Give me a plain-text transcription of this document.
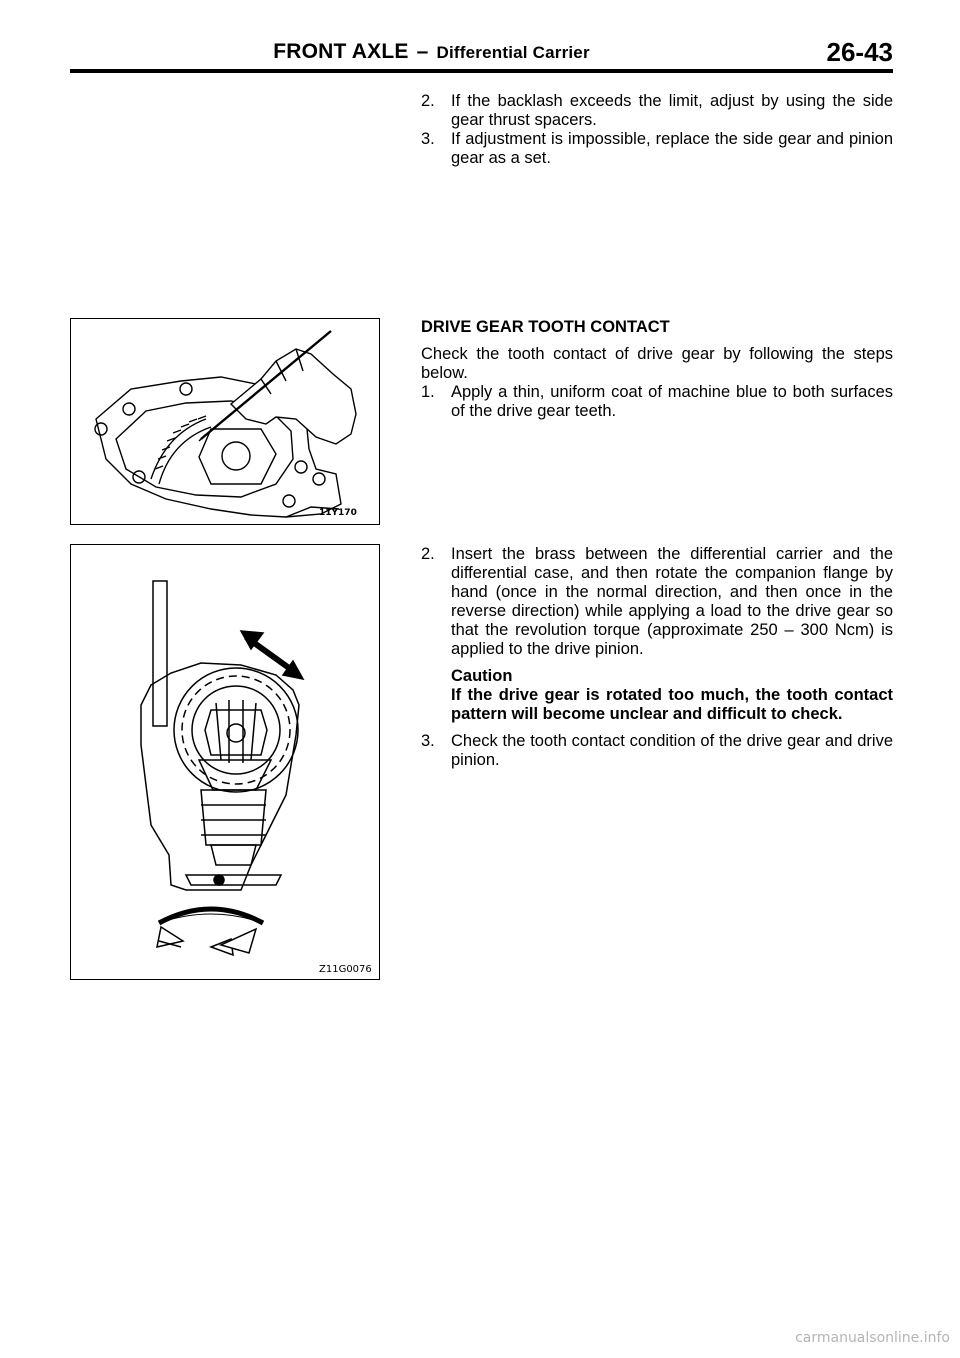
FRONT AXLE – Differential Carrier	26-43

2. If the backlash exceeds the limit, adjust by using the side gear thrust spacers.

3. If adjustment is impossible, replace the side gear and pinion gear as a set.

11Y170

DRIVE GEAR TOOTH CONTACT

Check the tooth contact of drive gear by following the steps below.

1. Apply a thin, uniform coat of machine blue to both surfaces of the drive gear teeth.

Z11G0076

2. Insert the brass between the differential carrier and the differential case, and then rotate the companion flange by hand (once in the normal direction, and then once in the reverse direction) while applying a load to the drive gear so that the revolution torque (approximate 250 – 300 Ncm) is applied to the drive pinion.

Caution
If the drive gear is rotated too much, the tooth contact pattern will become unclear and difficult to check.

3. Check the tooth contact condition of the drive gear and drive pinion.

carmanualsonline.info
